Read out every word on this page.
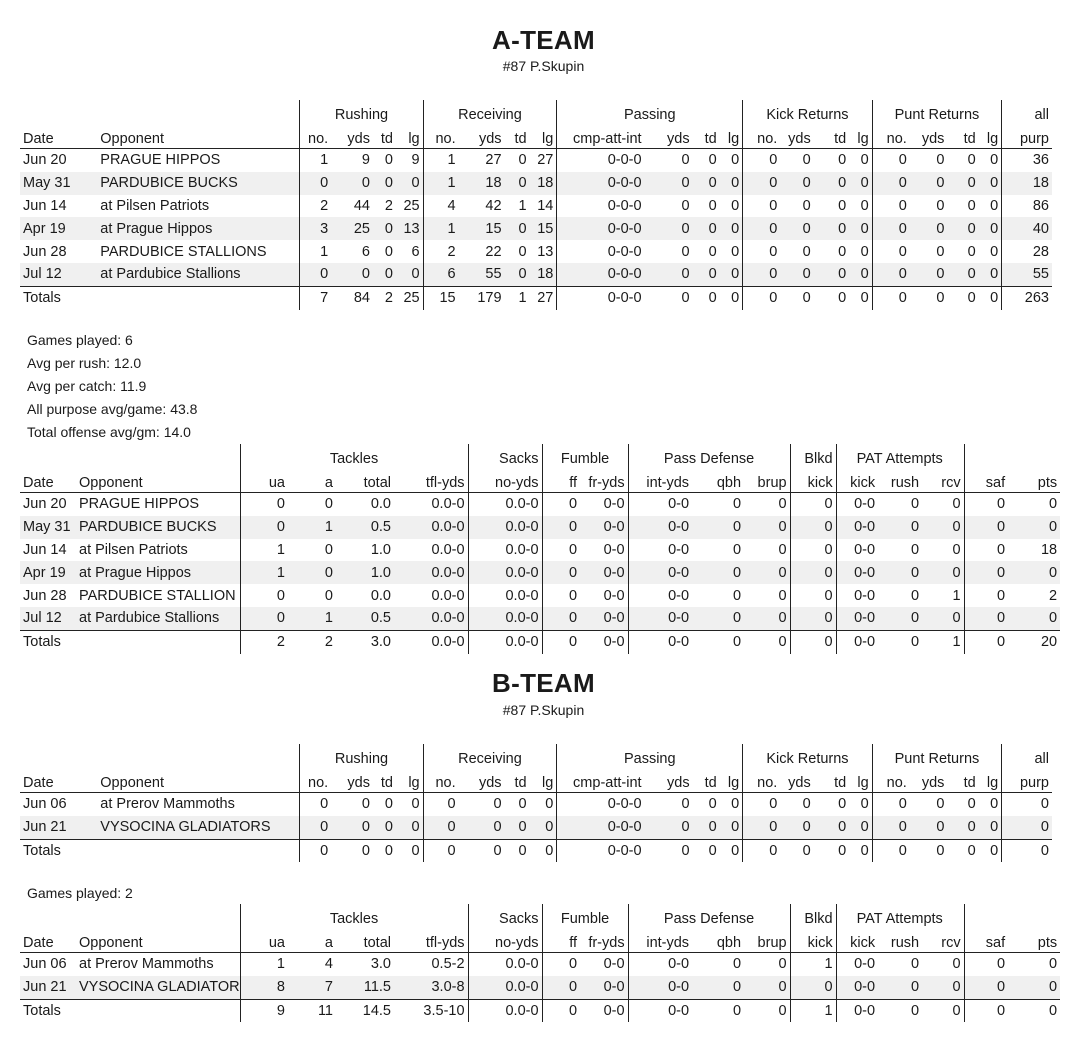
A-TEAM
#87 P.Skupin
		Rushing				Receiving				Passing				Kick Returns				Punt Returns				all
Date	Opponent	no.	yds	td	lg	no.	yds	td	lg	cmp-att-int	yds	td	lg	no.	yds	td	lg	no.	yds	td	lg	purp
Jun 20	PRAGUE HIPPOS	1	9	0	9	1	27	0	27	0-0-0	0	0	0	0	0	0	0	0	0	0	0	36
May 31	PARDUBICE BUCKS	0	0	0	0	1	18	0	18	0-0-0	0	0	0	0	0	0	0	0	0	0	0	18
Jun 14	at Pilsen Patriots	2	44	2	25	4	42	1	14	0-0-0	0	0	0	0	0	0	0	0	0	0	0	86
Apr 19	at Prague Hippos	3	25	0	13	1	15	0	15	0-0-0	0	0	0	0	0	0	0	0	0	0	0	40
Jun 28	PARDUBICE STALLIONS	1	6	0	6	2	22	0	13	0-0-0	0	0	0	0	0	0	0	0	0	0	0	28
Jul 12	at Pardubice Stallions	0	0	0	0	6	55	0	18	0-0-0	0	0	0	0	0	0	0	0	0	0	0	55
Totals		7	84	2	25	15	179	1	27	0-0-0	0	0	0	0	0	0	0	0	0	0	0	263
Games played: 6
Avg per rush: 12.0
Avg per catch: 11.9
All purpose avg/game: 43.8
Total offense avg/gm: 14.0
		Tackles				Sacks	Fumble		Pass Defense			Blkd	PAT Attempts				
Date	Opponent	ua	a	total	tfl-yds	no-yds	ff	fr-yds	int-yds	qbh	brup	kick	kick	rush	rcv	saf	pts
Jun 20	PRAGUE HIPPOS	0	0	0.0	0.0-0	0.0-0	0	0-0	0-0	0	0	0	0-0	0	0	0	0
May 31	PARDUBICE BUCKS	0	1	0.5	0.0-0	0.0-0	0	0-0	0-0	0	0	0	0-0	0	0	0	0
Jun 14	at Pilsen Patriots	1	0	1.0	0.0-0	0.0-0	0	0-0	0-0	0	0	0	0-0	0	0	0	18
Apr 19	at Prague Hippos	1	0	1.0	0.0-0	0.0-0	0	0-0	0-0	0	0	0	0-0	0	0	0	0
Jun 28	PARDUBICE STALLION	0	0	0.0	0.0-0	0.0-0	0	0-0	0-0	0	0	0	0-0	0	1	0	2
Jul 12	at Pardubice Stallions	0	1	0.5	0.0-0	0.0-0	0	0-0	0-0	0	0	0	0-0	0	0	0	0
Totals		2	2	3.0	0.0-0	0.0-0	0	0-0	0-0	0	0	0	0-0	0	1	0	20
B-TEAM
#87 P.Skupin
		Rushing				Receiving				Passing				Kick Returns				Punt Returns				all
Date	Opponent	no.	yds	td	lg	no.	yds	td	lg	cmp-att-int	yds	td	lg	no.	yds	td	lg	no.	yds	td	lg	purp
Jun 06	at Prerov Mammoths	0	0	0	0	0	0	0	0	0-0-0	0	0	0	0	0	0	0	0	0	0	0	0
Jun 21	VYSOCINA GLADIATORS	0	0	0	0	0	0	0	0	0-0-0	0	0	0	0	0	0	0	0	0	0	0	0
Totals		0	0	0	0	0	0	0	0	0-0-0	0	0	0	0	0	0	0	0	0	0	0	0
Games played: 2
		Tackles				Sacks	Fumble		Pass Defense			Blkd	PAT Attempts				
Date	Opponent	ua	a	total	tfl-yds	no-yds	ff	fr-yds	int-yds	qbh	brup	kick	kick	rush	rcv	saf	pts
Jun 06	at Prerov Mammoths	1	4	3.0	0.5-2	0.0-0	0	0-0	0-0	0	0	1	0-0	0	0	0	0
Jun 21	VYSOCINA GLADIATOR	8	7	11.5	3.0-8	0.0-0	0	0-0	0-0	0	0	0	0-0	0	0	0	0
Totals		9	11	14.5	3.5-10	0.0-0	0	0-0	0-0	0	0	1	0-0	0	0	0	0
